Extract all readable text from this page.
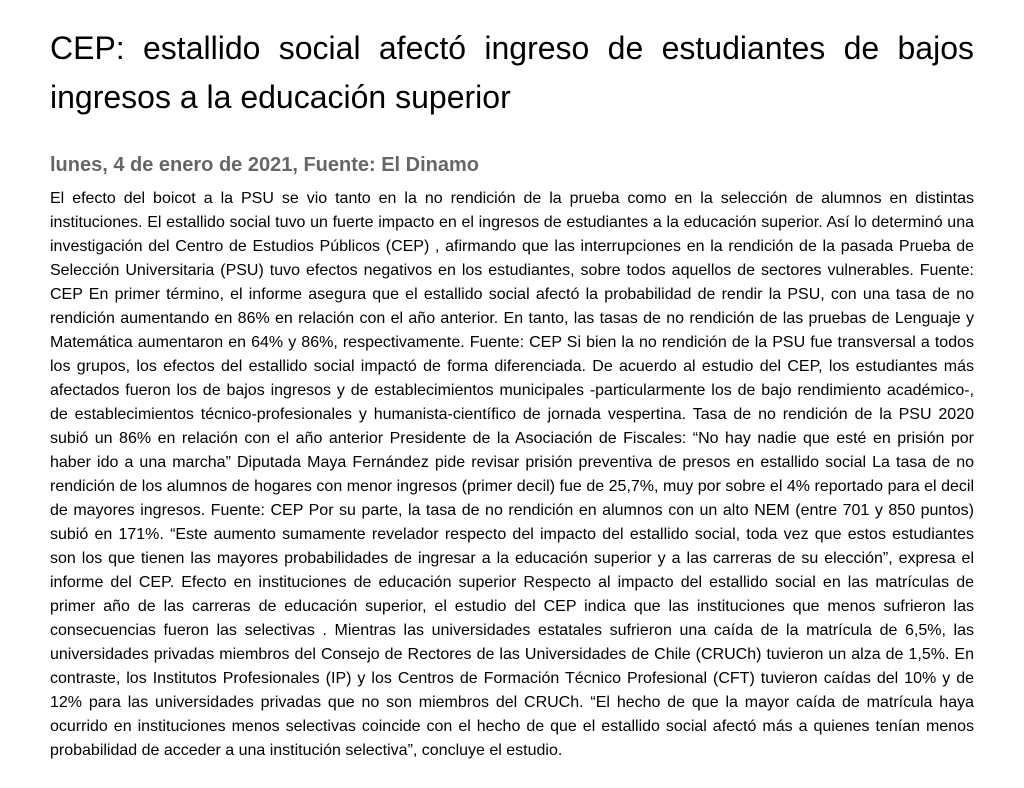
CEP: estallido social afectó ingreso de estudiantes de bajos ingresos a la educación superior

lunes, 4 de enero de 2021, Fuente: El Dinamo

El efecto del boicot a la PSU se vio tanto en la no rendición de la prueba como en la selección de alumnos en distintas instituciones. El estallido social tuvo un fuerte impacto en el ingresos de estudiantes a la educación superior. Así lo determinó una investigación del Centro de Estudios Públicos (CEP) , afirmando que las interrupciones en la rendición de la pasada Prueba de Selección Universitaria (PSU) tuvo efectos negativos en los estudiantes, sobre todos aquellos de sectores vulnerables. Fuente: CEP En primer término, el informe asegura que el estallido social afectó la probabilidad de rendir la PSU, con una tasa de no rendición aumentando en 86% en relación con el año anterior. En tanto, las tasas de no rendición de las pruebas de Lenguaje y Matemática aumentaron en 64% y 86%, respectivamente. Fuente: CEP Si bien la no rendición de la PSU fue transversal a todos los grupos, los efectos del estallido social impactó de forma diferenciada. De acuerdo al estudio del CEP, los estudiantes más afectados fueron los de bajos ingresos y de establecimientos municipales -particularmente los de bajo rendimiento académico-, de establecimientos técnico-profesionales y humanista-científico de jornada vespertina. Tasa de no rendición de la PSU 2020 subió un 86% en relación con el año anterior Presidente de la Asociación de Fiscales: “No hay nadie que esté en prisión por haber ido a una marcha” Diputada Maya Fernández pide revisar prisión preventiva de presos en estallido social La tasa de no rendición de los alumnos de hogares con menor ingresos (primer decil) fue de 25,7%, muy por sobre el 4% reportado para el decil de mayores ingresos. Fuente: CEP Por su parte, la tasa de no rendición en alumnos con un alto NEM (entre 701 y 850 puntos) subió en 171%. “Este aumento sumamente revelador respecto del impacto del estallido social, toda vez que estos estudiantes son los que tienen las mayores probabilidades de ingresar a la educación superior y a las carreras de su elección”, expresa el informe del CEP. Efecto en instituciones de educación superior Respecto al impacto del estallido social en las matrículas de primer año de las carreras de educación superior, el estudio del CEP indica que las instituciones que menos sufrieron las consecuencias fueron las selectivas . Mientras las universidades estatales sufrieron una caída de la matrícula de 6,5%, las universidades privadas miembros del Consejo de Rectores de las Universidades de Chile (CRUCh) tuvieron un alza de 1,5%. En contraste, los Institutos Profesionales (IP) y los Centros de Formación Técnico Profesional (CFT) tuvieron caídas del 10% y de 12% para las universidades privadas que no son miembros del CRUCh. “El hecho de que la mayor caída de matrícula haya ocurrido en instituciones menos selectivas coincide con el hecho de que el estallido social afectó más a quienes tenían menos probabilidad de acceder a una institución selectiva”, concluye el estudio.
